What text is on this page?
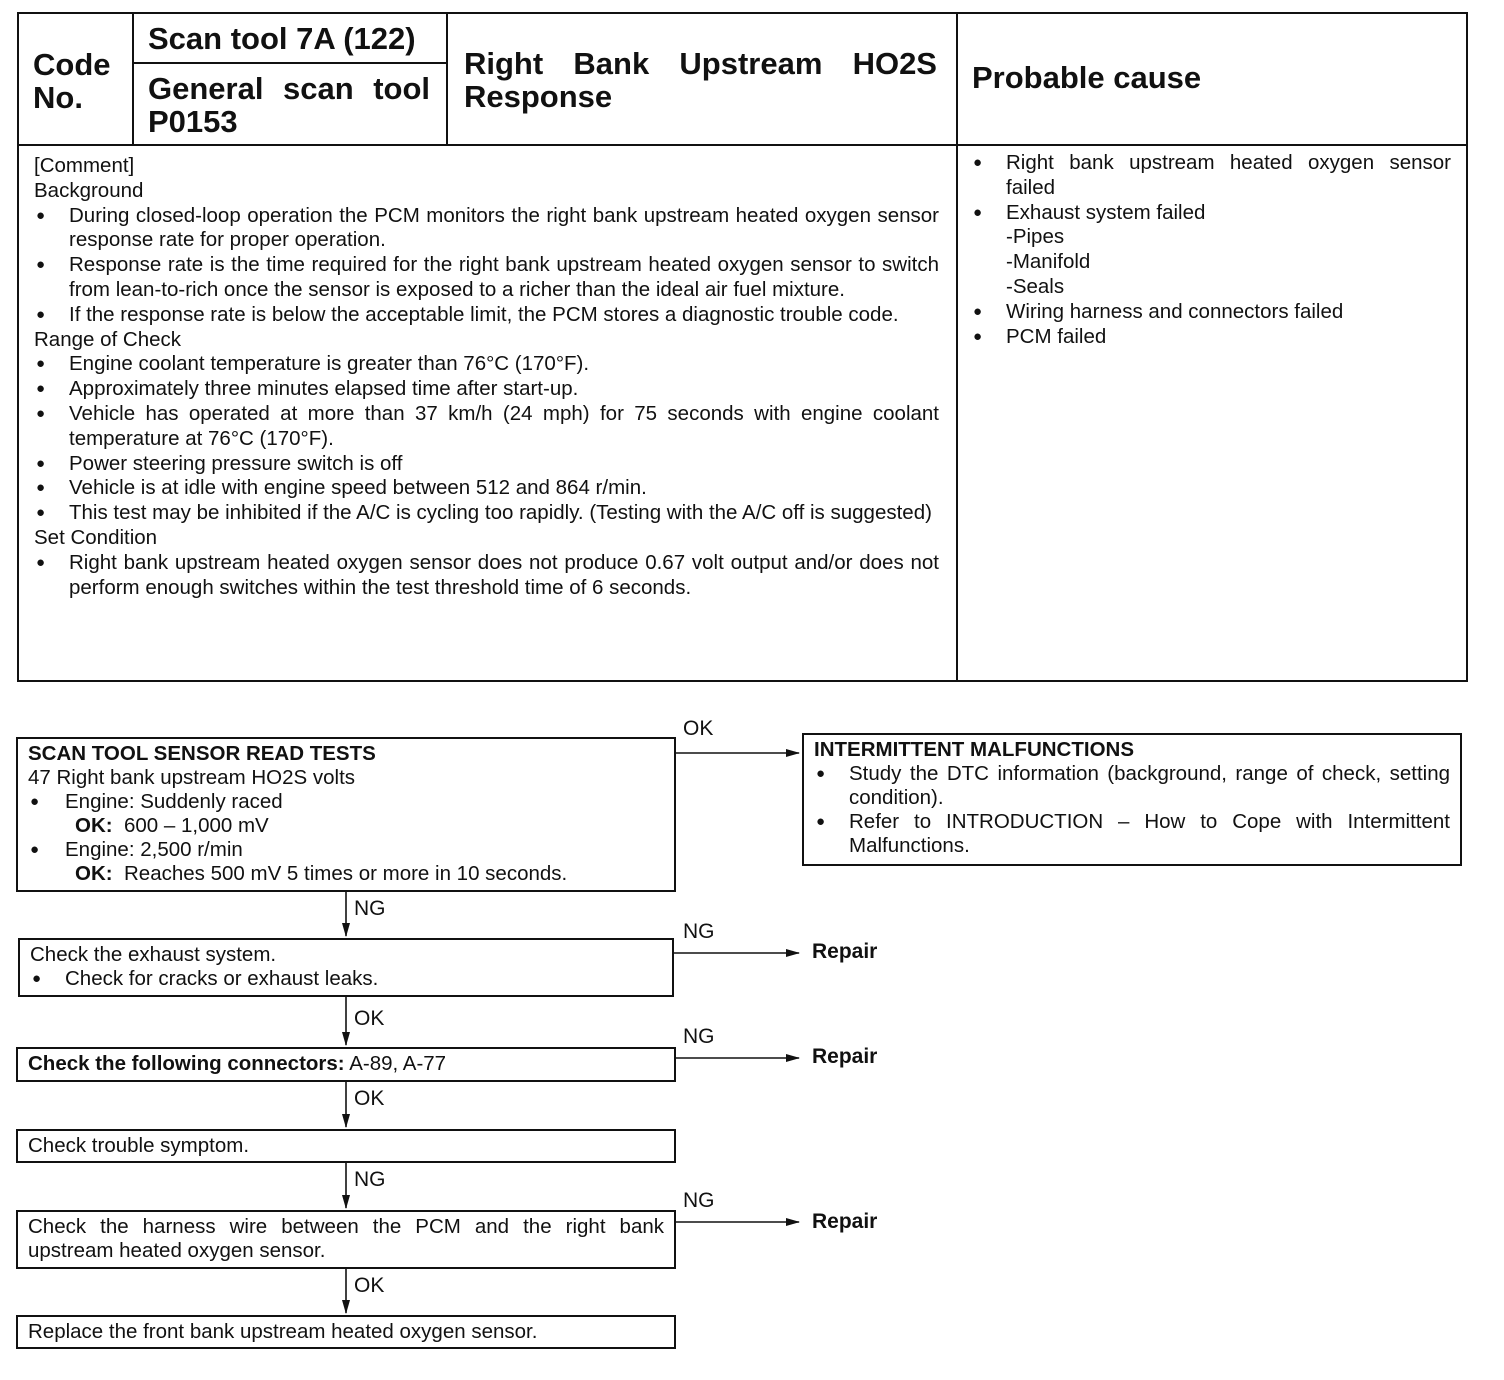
Code No.
Scan tool 7A (122)
General scan tool P0153
Right Bank Upstream HO2S Response
Probable cause
[Comment]
Background
● During closed-loop operation the PCM monitors the right bank upstream heated oxygen sensor response rate for proper operation.
● Response rate is the time required for the right bank upstream heated oxygen sensor to switch from lean-to-rich once the sensor is exposed to a richer than the ideal air fuel mixture.
● If the response rate is below the acceptable limit, the PCM stores a diagnostic trouble code.
Range of Check
● Engine coolant temperature is greater than 76°C (170°F).
● Approximately three minutes elapsed time after start-up.
● Vehicle has operated at more than 37 km/h (24 mph) for 75 seconds with engine coolant temperature at 76°C (170°F).
● Power steering pressure switch is off
● Vehicle is at idle with engine speed between 512 and 864 r/min.
● This test may be inhibited if the A/C is cycling too rapidly. (Testing with the A/C off is suggested)
Set Condition
● Right bank upstream heated oxygen sensor does not produce 0.67 volt output and/or does not perform enough switches within the test threshold time of 6 seconds.
● Right bank upstream heated oxygen sensor failed
● Exhaust system failed
-Pipes
-Manifold
-Seals
● Wiring harness and connectors failed
● PCM failed
SCAN TOOL SENSOR READ TESTS
47 Right bank upstream HO2S volts
● Engine: Suddenly raced
OK: 600 – 1,000 mV
● Engine: 2,500 r/min
OK: Reaches 500 mV 5 times or more in 10 seconds.
INTERMITTENT MALFUNCTIONS
● Study the DTC information (background, range of check, setting condition).
● Refer to INTRODUCTION – How to Cope with Intermittent Malfunctions.
Check the exhaust system.
● Check for cracks or exhaust leaks.
Check the following connectors: A-89, A-77
Check trouble symptom.
Check the harness wire between the PCM and the right bank upstream heated oxygen sensor.
Replace the front bank upstream heated oxygen sensor.
OK
NG
NG
OK
NG
OK
NG
NG
OK
Repair
Repair
Repair
